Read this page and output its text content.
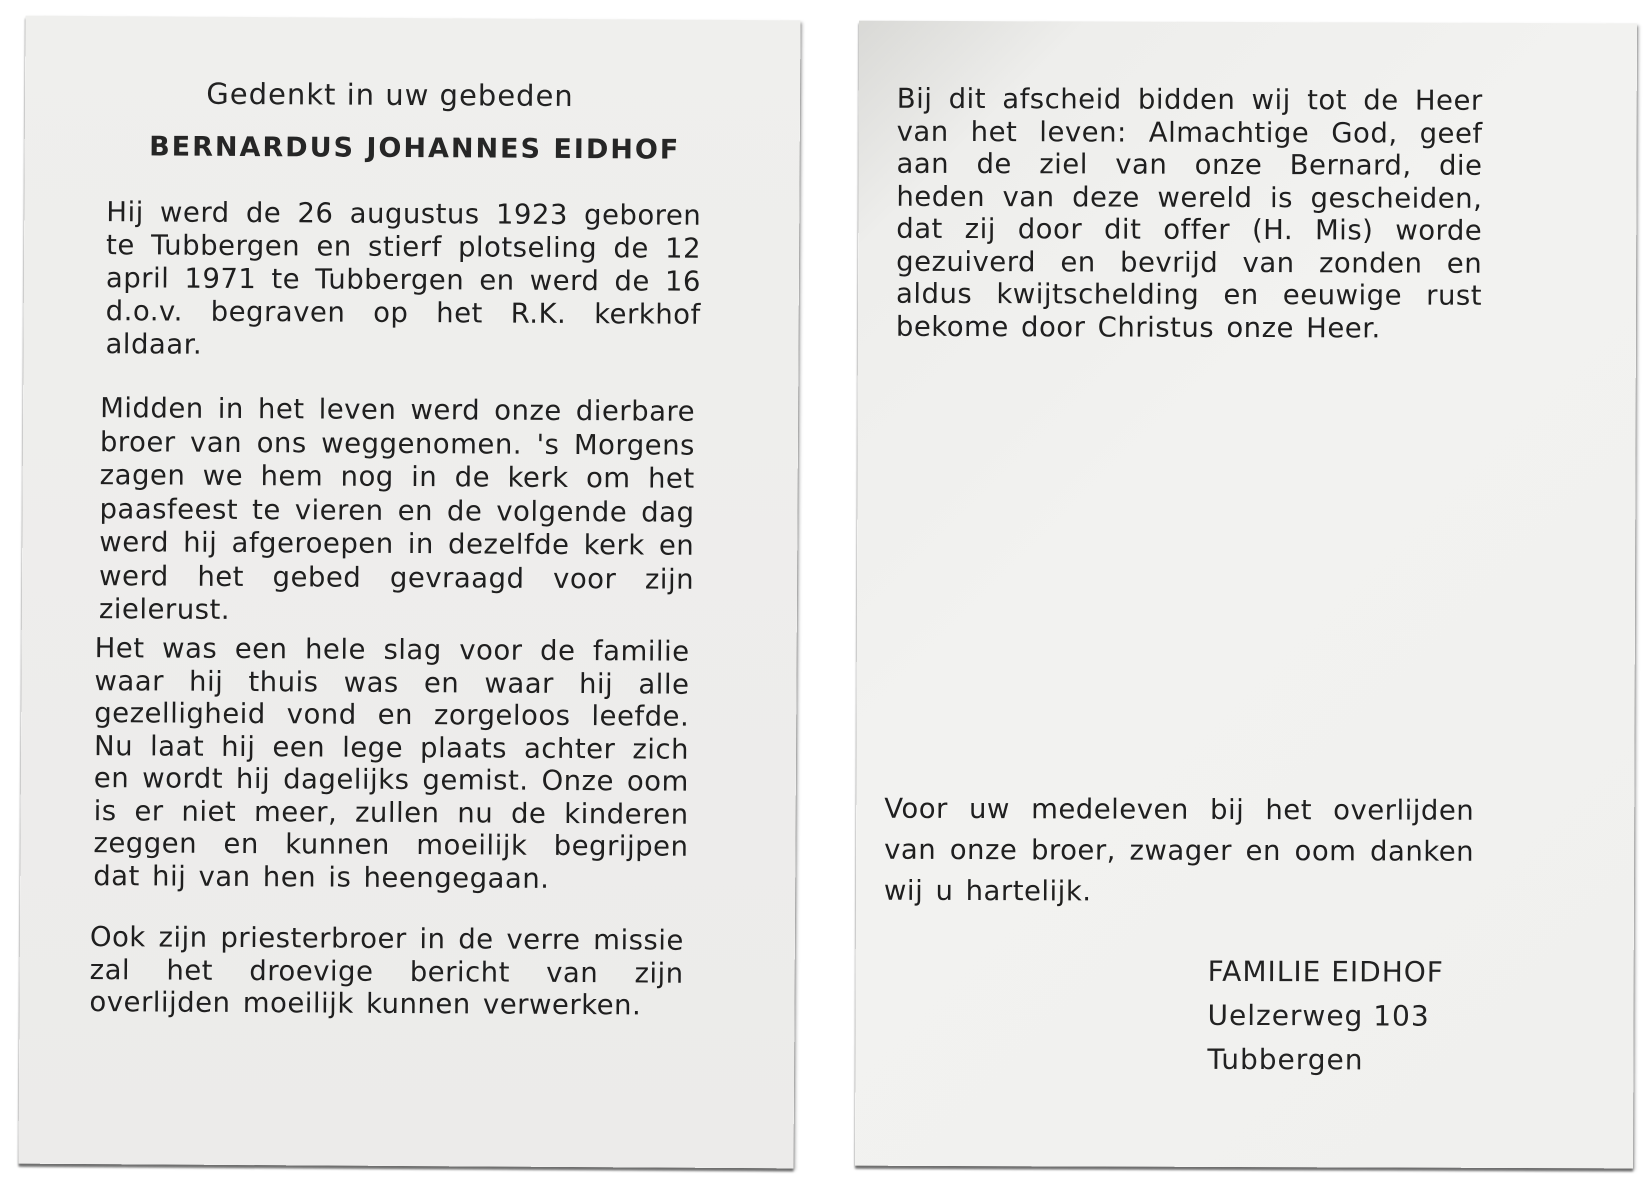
Gedenkt in uw gebeden
BERNARDUS JOHANNES EIDHOF
Hij werd de 26 augustus 1923 geboren te Tubbergen en stierf plotseling de 12 april 1971 te Tubbergen en werd de 16 d.o.v. begraven op het R.K. kerkhof aldaar.
Midden in het leven werd onze dierbare broer van ons weggenomen. 's Morgens zagen we hem nog in de kerk om het paasfeest te vieren en de volgende dag werd hij afgeroepen in dezelfde kerk en werd het gebed gevraagd voor zijn zielerust.
Het was een hele slag voor de familie waar hij thuis was en waar hij alle gezelligheid vond en zorgeloos leefde. Nu laat hij een lege plaats achter zich en wordt hij dagelijks gemist. Onze oom is er niet meer, zullen nu de kinderen zeggen en kunnen moeilijk begrijpen dat hij van hen is heengegaan.
Ook zijn priesterbroer in de verre missie zal het droevige bericht van zijn overlijden moeilijk kunnen verwerken.
Bij dit afscheid bidden wij tot de Heer van het leven: Almachtige God, geef aan de ziel van onze Bernard, die heden van deze wereld is gescheiden, dat zij door dit offer (H. Mis) worde gezuiverd en bevrijd van zonden en aldus kwijtschelding en eeuwige rust bekome door Christus onze Heer.
Voor uw medeleven bij het overlijden van onze broer, zwager en oom danken wij u hartelijk.
FAMILIE EIDHOF
Uelzerweg 103
Tubbergen
